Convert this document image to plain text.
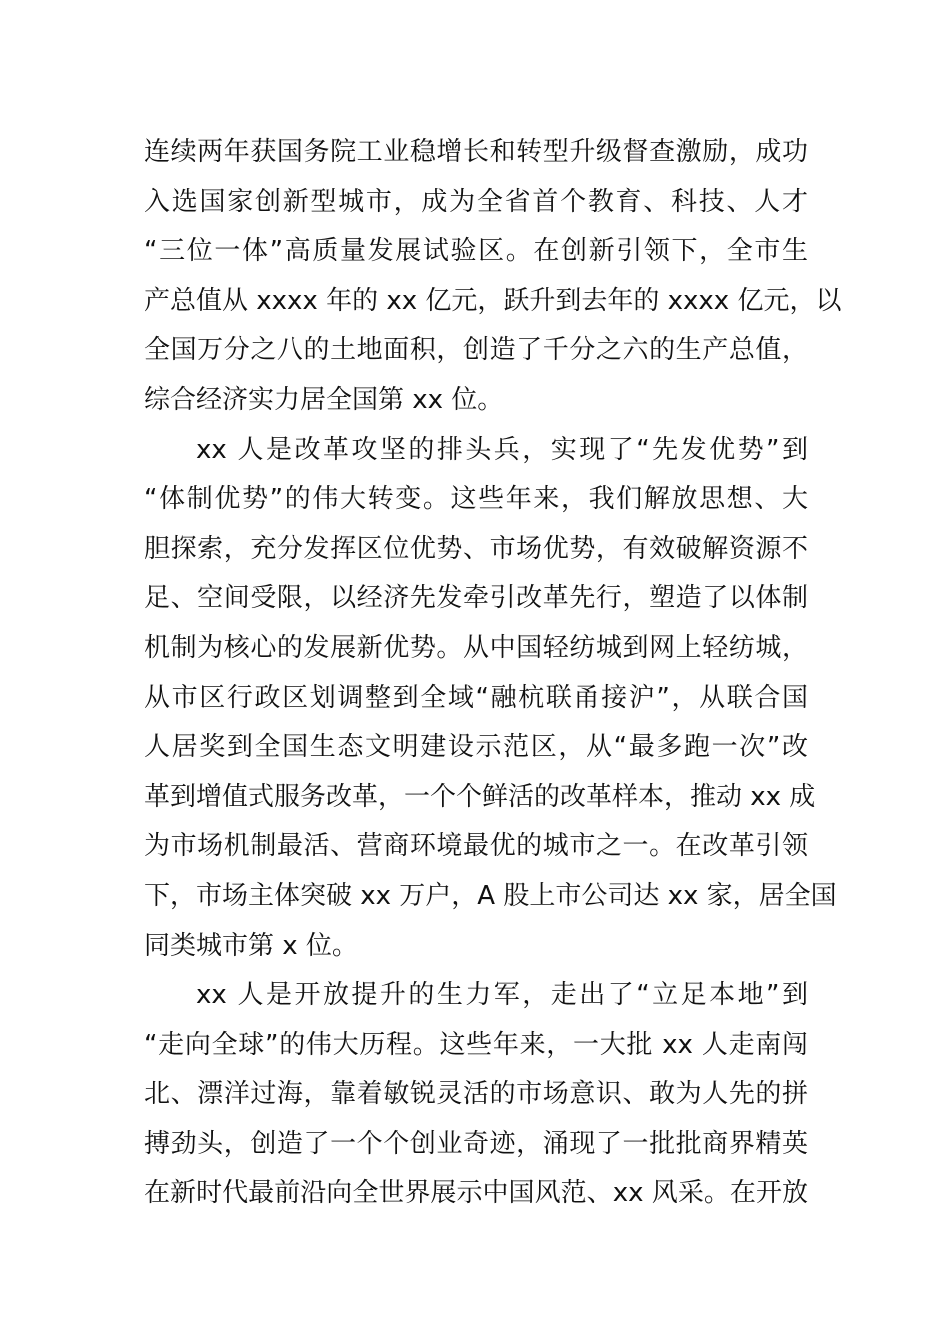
连续两年获国务院工业稳增长和转型升级督查激励，成功
入选国家创新型城市，成为全省首个教育、科技、人才
“三位一体”高质量发展试验区。在创新引领下，全市生
产总值从 xxxx 年的 xx 亿元，跃升到去年的 xxxx 亿元，以
全国万分之八的土地面积，创造了千分之六的生产总值，
综合经济实力居全国第 xx 位。
xx 人是改革攻坚的排头兵，实现了“先发优势”到
“体制优势”的伟大转变。这些年来，我们解放思想、大
胆探索，充分发挥区位优势、市场优势，有效破解资源不
足、空间受限，以经济先发牵引改革先行，塑造了以体制
机制为核心的发展新优势。从中国轻纺城到网上轻纺城，
从市区行政区划调整到全域“融杭联甬接沪”，从联合国
人居奖到全国生态文明建设示范区，从“最多跑一次”改
革到增值式服务改革，一个个鲜活的改革样本，推动 xx 成
为市场机制最活、营商环境最优的城市之一。在改革引领
下，市场主体突破 xx 万户，A 股上市公司达 xx 家，居全国
同类城市第 x 位。
xx 人是开放提升的生力军，走出了“立足本地”到
“走向全球”的伟大历程。这些年来，一大批 xx 人走南闯
北、漂洋过海，靠着敏锐灵活的市场意识、敢为人先的拼
搏劲头，创造了一个个创业奇迹，涌现了一批批商界精英
在新时代最前沿向全世界展示中国风范、xx 风采。在开放
